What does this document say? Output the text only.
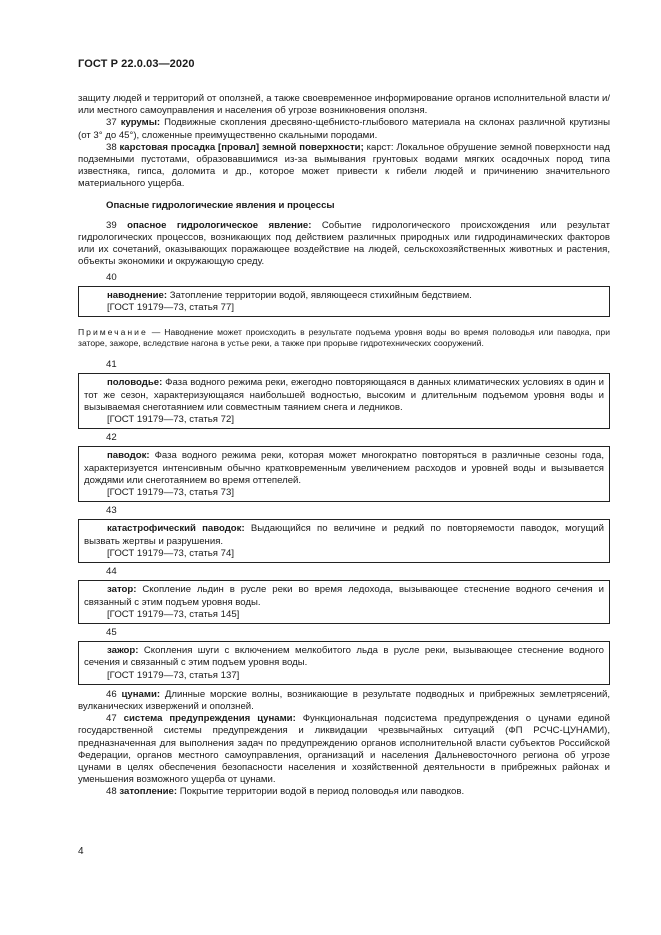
ГОСТ Р 22.0.03—2020

защиту людей и территорий от оползней, а также своевременное информирование органов исполнительной власти и/или местного самоуправления и населения об угрозе возникновения оползня.

37 курумы: Подвижные скопления дресвяно-щебнисто-глыбового материала на склонах различной крутизны (от 3° до 45°), сложенные преимущественно скальными породами.

38 карстовая просадка [провал] земной поверхности; карст: Локальное обрушение земной поверхности над подземными пустотами, образовавшимися из-за вымывания грунтовых водами мягких осадочных пород типа известняка, гипса, доломита и др., которое может привести к гибели людей и причинению значительного материального ущерба.

Опасные гидрологические явления и процессы

39 опасное гидрологическое явление: Событие гидрологического происхождения или результат гидрологических процессов, возникающих под действием различных природных или гидродинамических факторов или их сочетаний, оказывающих поражающее воздействие на людей, сельскохозяйственных животных и растения, объекты экономики и окружающую среду.

40

наводнение: Затопление территории водой, являющееся стихийным бедствием.

[ГОСТ 19179—73, статья 77]

Примечание — Наводнение может происходить в результате подъема уровня воды во время половодья или паводка, при заторе, зажоре, вследствие нагона в устье реки, а также при прорыве гидротехнических сооружений.

41

половодье: Фаза водного режима реки, ежегодно повторяющаяся в данных климатических условиях в один и тот же сезон, характеризующаяся наибольшей водностью, высоким и длительным подъемом уровня воды и вызываемая снеготаянием или совместным таянием снега и ледников.

[ГОСТ 19179—73, статья 72]

42

паводок: Фаза водного режима реки, которая может многократно повторяться в различные сезоны года, характеризуется интенсивным обычно кратковременным увеличением расходов и уровней воды и вызывается дождями или снеготаянием во время оттепелей.

[ГОСТ 19179—73, статья 73]

43

катастрофический паводок: Выдающийся по величине и редкий по повторяемости паводок, могущий вызвать жертвы и разрушения.

[ГОСТ 19179—73, статья 74]

44

затор: Скопление льдин в русле реки во время ледохода, вызывающее стеснение водного сечения и связанный с этим подъем уровня воды.

[ГОСТ 19179—73, статья 145]

45

зажор: Скопления шуги с включением мелкобитого льда в русле реки, вызывающее стеснение водного сечения и связанный с этим подъем уровня воды.

[ГОСТ 19179—73, статья 137]

46 цунами: Длинные морские волны, возникающие в результате подводных и прибрежных землетрясений, вулканических извержений и оползней.

47 система предупреждения цунами: Функциональная подсистема предупреждения о цунами единой государственной системы предупреждения и ликвидации чрезвычайных ситуаций (ФП РСЧС-ЦУНАМИ), предназначенная для выполнения задач по предупреждению органов исполнительной власти субъектов Российской Федерации, органов местного самоуправления, организаций и населения Дальневосточного региона об угрозе цунами в целях обеспечения безопасности населения и хозяйственной деятельности в прибрежных районах и уменьшения возможного ущерба от цунами.

48 затопление: Покрытие территории водой в период половодья или паводков.

4
